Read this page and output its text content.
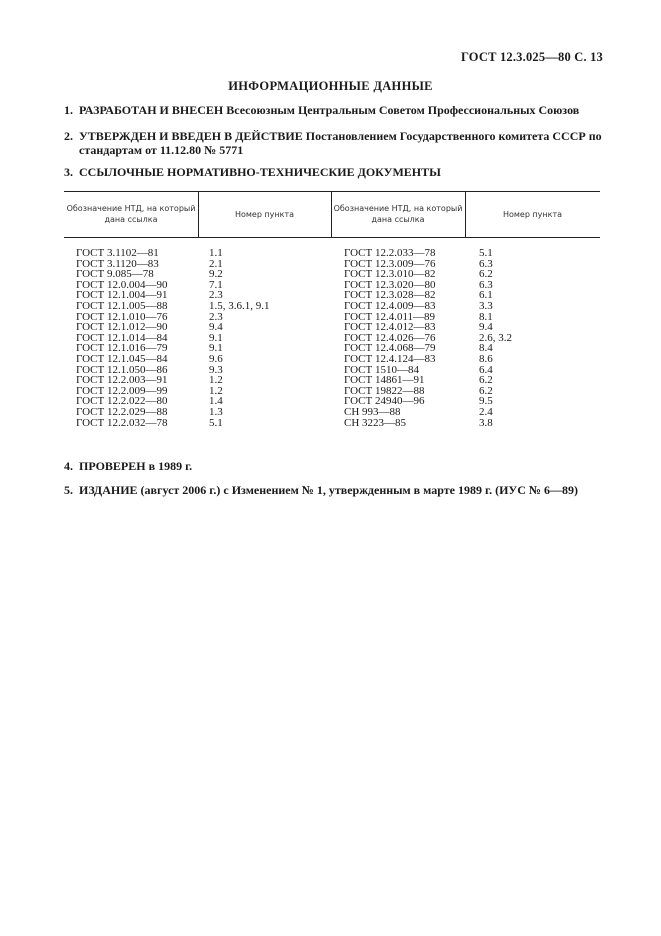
ГОСТ 12.3.025—80 С. 13
ИНФОРМАЦИОННЫЕ ДАННЫЕ
1. РАЗРАБОТАН И ВНЕСЕН Всесоюзным Центральным Советом Профессиональных Союзов
2. УТВЕРЖДЕН И ВВЕДЕН В ДЕЙСТВИЕ Постановлением Государственного комитета СССР по стандартам от 11.12.80 № 5771
3. ССЫЛОЧНЫЕ НОРМАТИВНО-ТЕХНИЧЕСКИЕ ДОКУМЕНТЫ
Обозначение НТД, на который дана ссылка
Номер пункта
Обозначение НТД, на который дана ссылка
Номер пункта
ГОСТ 3.1102—81
ГОСТ 3.1120—83
ГОСТ 9.085—78
ГОСТ 12.0.004—90
ГОСТ 12.1.004—91
ГОСТ 12.1.005—88
ГОСТ 12.1.010—76
ГОСТ 12.1.012—90
ГОСТ 12.1.014—84
ГОСТ 12.1.016—79
ГОСТ 12.1.045—84
ГОСТ 12.1.050—86
ГОСТ 12.2.003—91
ГОСТ 12.2.009—99
ГОСТ 12.2.022—80
ГОСТ 12.2.029—88
ГОСТ 12.2.032—78
1.1
2.1
9.2
7.1
2.3
1.5, 3.6.1, 9.1
2.3
9.4
9.1
9.1
9.6
9.3
1.2
1.2
1.4
1.3
5.1
ГОСТ 12.2.033—78
ГОСТ 12.3.009—76
ГОСТ 12.3.010—82
ГОСТ 12.3.020—80
ГОСТ 12.3.028—82
ГОСТ 12.4.009—83
ГОСТ 12.4.011—89
ГОСТ 12.4.012—83
ГОСТ 12.4.026—76
ГОСТ 12.4.068—79
ГОСТ 12.4.124—83
ГОСТ 1510—84
ГОСТ 14861—91
ГОСТ 19822—88
ГОСТ 24940—96
СН 993—88
СН 3223—85
5.1
6.3
6.2
6.3
6.1
3.3
8.1
9.4
2.6, 3.2
8.4
8.6
6.4
6.2
6.2
9.5
2.4
3.8
4. ПРОВЕРЕН в 1989 г.
5. ИЗДАНИЕ (август 2006 г.) с Изменением № 1, утвержденным в марте 1989 г. (ИУС № 6—89)
